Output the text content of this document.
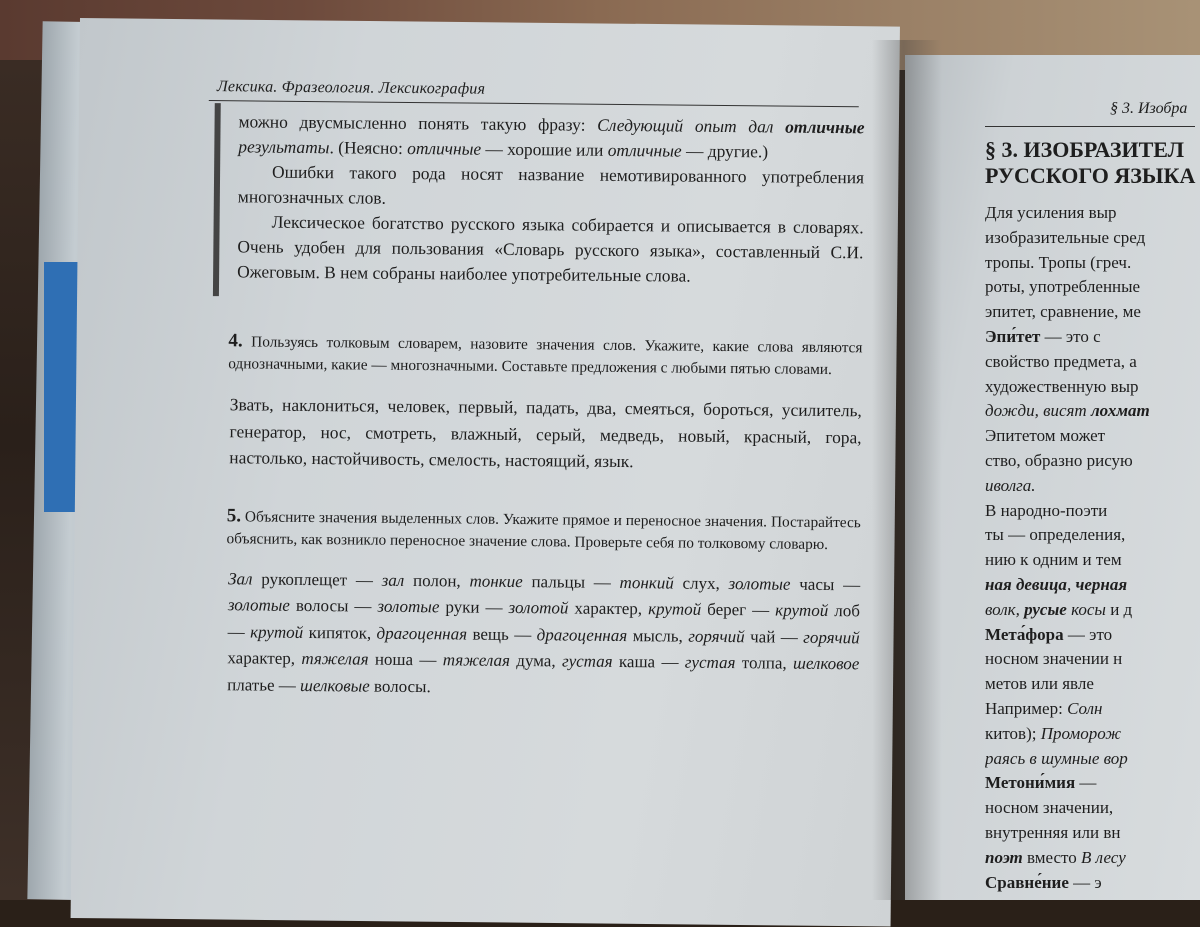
Лексика. Фразеология. Лексикография

можно двусмысленно понять такую фразу: Следующий опыт дал отличные результаты. (Неясно: отличные — хорошие или отличные — другие.)

Ошибки такого рода носят название немотивированного употребления многозначных слов.

Лексическое богатство русского языка собирается и описывается в словарях. Очень удобен для пользования «Словарь русского языка», составленный С.И. Ожеговым. В нем собраны наиболее употребительные слова.

4. Пользуясь толковым словарем, назовите значения слов. Укажите, какие слова являются однозначными, какие — многозначными. Составьте предложения с любыми пятью словами.

Звать, наклониться, человек, первый, падать, два, смеяться, бороться, усилитель, генератор, нос, смотреть, влажный, серый, медведь, новый, красный, гора, настолько, настойчивость, смелость, настоящий, язык.

5. Объясните значения выделенных слов. Укажите прямое и переносное значения. Постарайтесь объяснить, как возникло переносное значение слова. Проверьте себя по толковому словарю.

Зал рукоплещет — зал полон, тонкие пальцы — тонкий слух, золотые часы — золотые волосы — золотые руки — золотой характер, крутой берег — крутой лоб — крутой кипяток, драгоценная вещь — драгоценная мысль, горячий чай — горячий характер, тяжелая ноша — тяжелая дума, густая каша — густая толпа, шелковое платье — шелковые волосы.

§ 3. Изобра

§ 3. ИЗОБРАЗИТЕЛ

РУССКОГО ЯЗЫКА

Для усиления выр

изобразительные сред

тропы. Тропы (греч.

роты, употребленные

эпитет, сравнение, ме

Эпи́тет — это с

свойство предмета, а

художественную выр

дожди, висят лохмат

Эпитетом может

ство, образно рисую

иволга.

В народно-поэти

ты — определения,

нию к одним и тем

ная девица, черная

волк, русые косы и д

Мета́фора — это

носном значении н

метов или явле

Например: Солн

китов); Проморож

раясь в шумные вор

Метони́мия —

носном значении,

внутренняя или вн

поэт вместо В лесу

Сравне́ние — э
